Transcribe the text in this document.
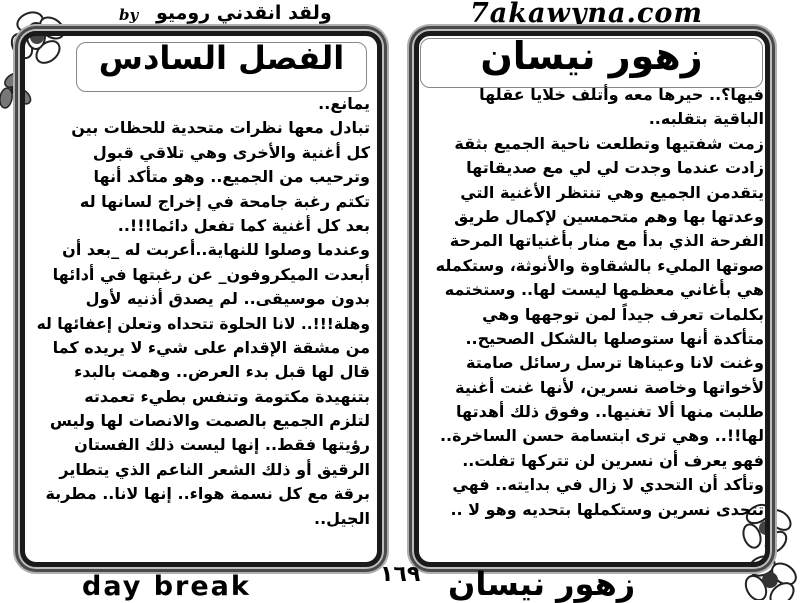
by ولقد انقدني روميو	7akawyna.com
الفصل السادس	زهور نيسان
يمانع..
تبادل معها نظرات متحدية للحظات بين
كل أغنية والأخرى وهي تلاقي قبول
وترحيب من الجميع.. وهو متأكد أنها
تكتم رغبة جامحة في إخراج لسانها له
بعد كل أغنية كما تفعل دائما!!!..
وعندما وصلوا للنهاية..أعربت له _بعد أن
أبعدت الميكروفون_ عن رغبتها في أدائها
بدون موسيقى.. لم يصدق أذنيه لأول
وهلة!!!.. لانا الحلوة تتحداه وتعلن إعفائها له
من مشقة الإقدام على شيء لا يريده كما
قال لها قبل بدء العرض.. وهمت بالبدء
بتنهيدة مكتومة وتنفس بطيء تعمدته
لتلزم الجميع بالصمت والانصات لها وليس
رؤيتها فقط.. إنها ليست ذلك الفستان
الرقيق أو ذلك الشعر الناعم الذي يتطاير
برقة مع كل نسمة هواء.. إنها لانا.. مطربة
الجيل..
فيها؟.. حيرها معه وأتلف خلايا عقلها
الباقية بتقلبه..
زمت شفتيها وتطلعت ناحية الجميع بثقة
زادت عندما وجدت لي لي مع صديقاتها
يتقدمن الجميع وهي تنتظر الأغنية التي
وعدتها بها وهم متحمسين لإكمال طريق
الفرحة الذي بدأ مع منار بأغنياتها المرحة
صوتها المليء بالشقاوة والأنوثة، وستكمله
هي بأغاني معظمها ليست لها.. وستختمه
بكلمات تعرف جيداً لمن توجهها وهي
متأكدة أنها ستوصلها بالشكل الصحيح..
وغنت لانا وعيناها ترسل رسائل صامتة
لأخواتها وخاصة نسرين، لأنها غنت أغنية
طلبت منها ألا تغنيها.. وفوق ذلك أهدتها
لها!!.. وهي ترى ابتسامة حسن الساخرة..
فهو يعرف أن نسرين لن تتركها تفلت..
وتأكد أن التحدي لا زال في بدايته.. فهي
تتحدى نسرين وستكملها بتحديه وهو لا ..
١٦٩
day break	زهور نيسان
